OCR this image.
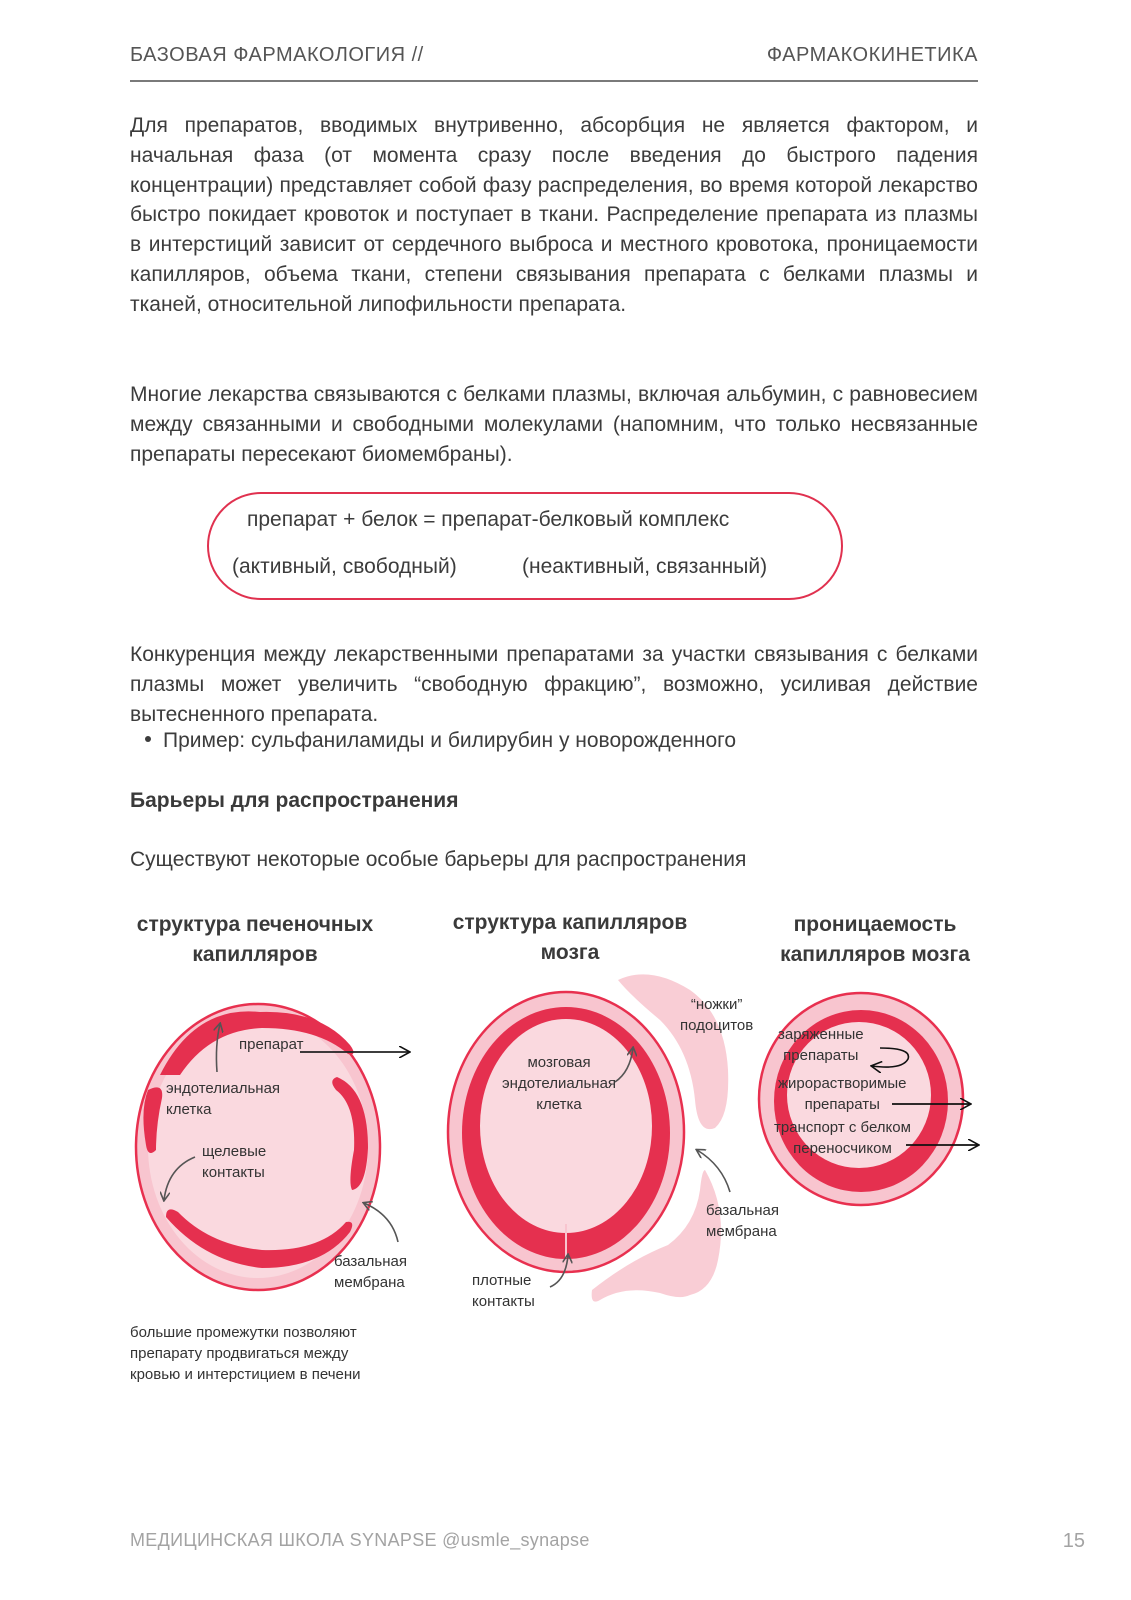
БАЗОВАЯ ФАРМАКОЛОГИЯ //	ФАРМАКОКИНЕТИКА
Для препаратов, вводимых внутривенно, абсорбция не является фактором, и начальная фаза (от момента сразу после введения до быстрого падения концентрации) представляет собой фазу распределения, во время которой лекарство быстро покидает кровоток и поступает в ткани. Распределение препарата из плазмы в интерстиций зависит от сердечного выброса и местного кровотока, проницаемости капилляров, объема ткани, степени связывания препарата с белками плазмы и тканей, относительной липофильности препарата.
Многие лекарства связываются с белками плазмы, включая альбумин, с равновесием между связанными и свободными молекулами (напомним, что только несвязанные препараты пересекают биомембраны).
препарат + белок = препарат-белковый комплекс
(активный, свободный)	(неактивный, связанный)
Конкуренция между лекарственными препаратами за участки связывания с белками плазмы может увеличить “свободную фракцию”, возможно, усиливая действие вытесненного препарата.
Пример: сульфаниламиды и билирубин у новорожденного
Барьеры для распространения
Существуют некоторые особые барьеры для распространения
структура печеночных капилляров
структура капилляров мозга
проницаемость капилляров мозга
препарат
эндотелиальная
клетка
щелевые
контакты
базальная
мембрана
большие промежутки позволяют
препарату продвигаться между
кровью и интерстицием в печени
“ножки”
подоцитов
мозговая
эндотелиальная
клетка
базальная
мембрана
плотные
контакты
заряженные
препараты
жирорастворимые
препараты
транспорт с белком
переносчиком
МЕДИЦИНСКАЯ ШКОЛА SYNAPSE @usmle_synapse	15
